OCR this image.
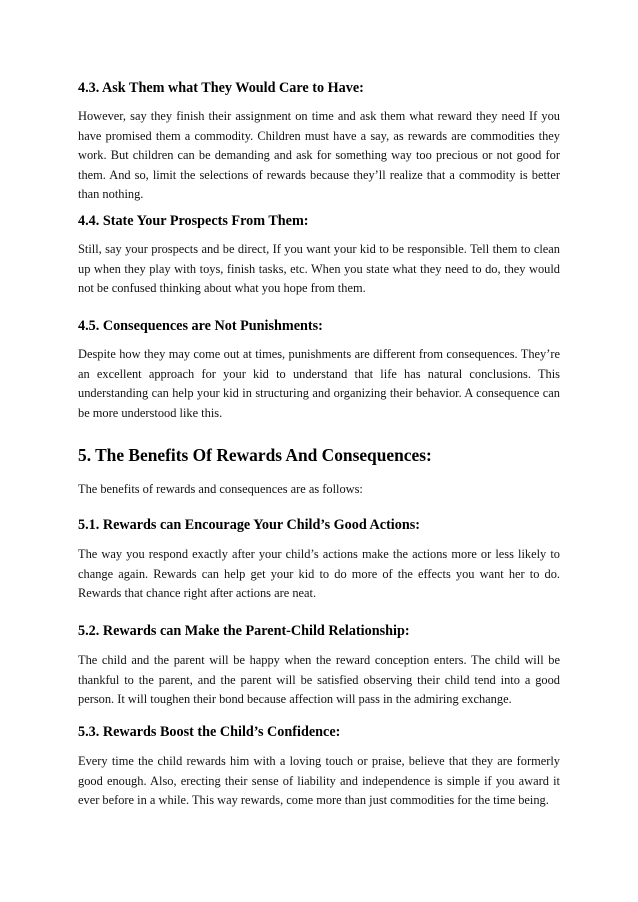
4.3. Ask Them what They Would Care to Have:

However, say they finish their assignment on time and ask them what reward they need If you have promised them a commodity. Children must have a say, as rewards are commodities they work. But children can be demanding and ask for something way too precious or not good for them. And so, limit the selections of rewards because they’ll realize that a commodity is better than nothing.

4.4. State Your Prospects From Them:

Still, say your prospects and be direct, If you want your kid to be responsible. Tell them to clean up when they play with toys, finish tasks, etc. When you state what they need to do, they would not be confused thinking about what you hope from them.

4.5. Consequences are Not Punishments:

Despite how they may come out at times, punishments are different from consequences. They’re an excellent approach for your kid to understand that life has natural conclusions. This understanding can help your kid in structuring and organizing their behavior. A consequence can be more understood like this.

5. The Benefits Of Rewards And Consequences:

The benefits of rewards and consequences are as follows:

5.1. Rewards can Encourage Your Child’s Good Actions:

The way you respond exactly after your child’s actions make the actions more or less likely to change again. Rewards can help get your kid to do more of the effects you want her to do. Rewards that chance right after actions are neat.

5.2. Rewards can Make the Parent-Child Relationship:

The child and the parent will be happy when the reward conception enters. The child will be thankful to the parent, and the parent will be satisfied observing their child tend into a good person. It will toughen their bond because affection will pass in the admiring exchange.

5.3. Rewards Boost the Child’s Confidence:

Every time the child rewards him with a loving touch or praise, believe that they are formerly good enough. Also, erecting their sense of liability and independence is simple if you award it ever before in a while. This way rewards, come more than just commodities for the time being.
